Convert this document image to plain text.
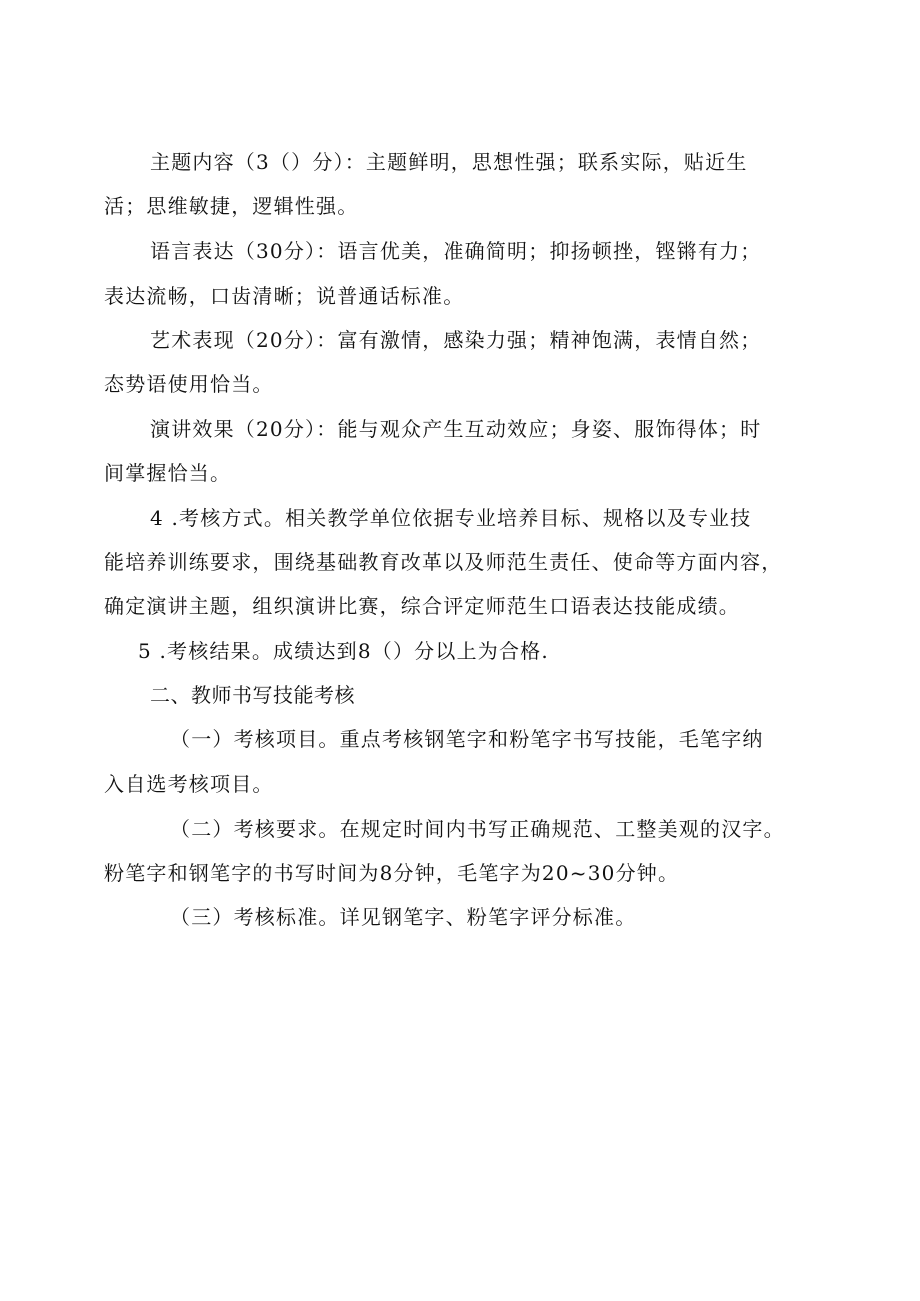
主题内容（3（）分）：主题鲜明，思想性强；联系实际，贴近生
活；思维敏捷，逻辑性强。
语言表达（30分）：语言优美，准确简明；抑扬顿挫，铿锵有力；
表达流畅，口齿清晰；说普通话标准。
艺术表现（20分）：富有激情，感染力强；精神饱满，表情自然；
态势语使用恰当。
演讲效果（20分）：能与观众产生互动效应；身姿、服饰得体；时
间掌握恰当。
4 .考核方式。相关教学单位依据专业培养目标、规格以及专业技
能培养训练要求，围绕基础教育改革以及师范生责任、使命等方面内容，
确定演讲主题，组织演讲比赛，综合评定师范生口语表达技能成绩。
5 .考核结果。成绩达到8（）分以上为合格.
二、教师书写技能考核
（一）考核项目。重点考核钢笔字和粉笔字书写技能，毛笔字纳
入自选考核项目。
（二）考核要求。在规定时间内书写正确规范、工整美观的汉字。
粉笔字和钢笔字的书写时间为8分钟，毛笔字为20~30分钟。
（三）考核标准。详见钢笔字、粉笔字评分标准。
